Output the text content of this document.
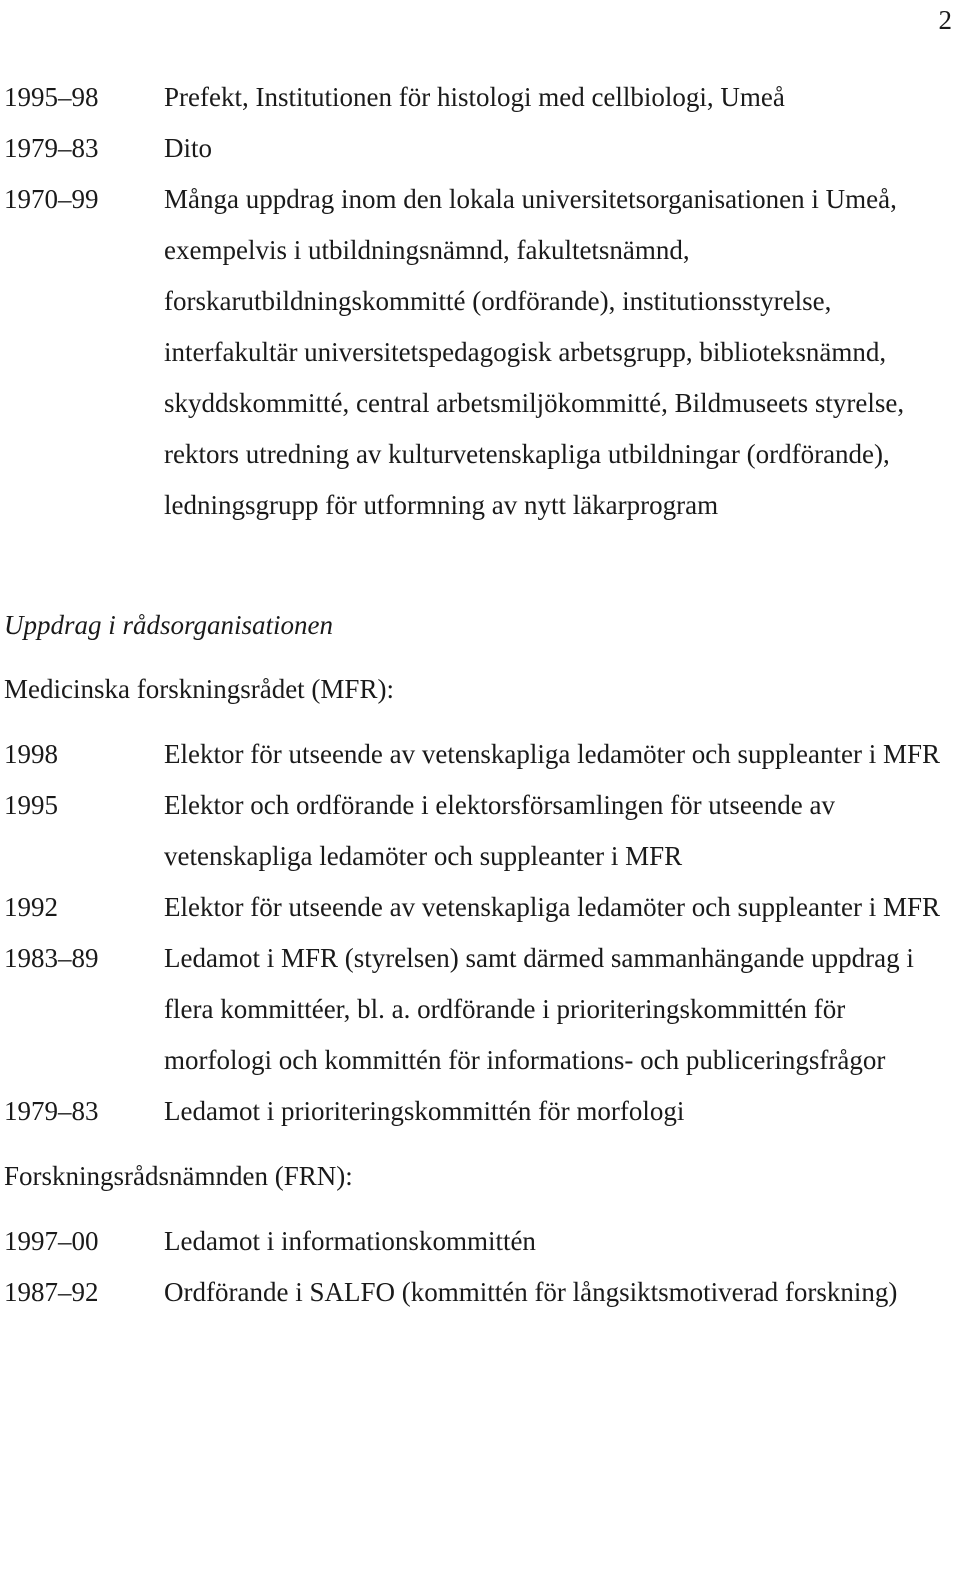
2
1995–98	Prefekt, Institutionen för histologi med cellbiologi, Umeå
1979–83	Dito
1970–99	Många uppdrag inom den lokala universitetsorganisationen i Umeå, exempelvis i utbildningsnämnd, fakultetsnämnd, forskarutbildningskommitté (ordförande), institutionsstyrelse, interfakultär universitetspedagogisk arbetsgrupp, biblioteksnämnd, skyddskommitté, central arbetsmiljökommitté, Bildmuseets styrelse, rektors utredning av kulturvetenskapliga utbildningar (ordförande), ledningsgrupp för utformning av nytt läkarprogram
Uppdrag i rådsorganisationen
Medicinska forskningsrådet (MFR):
1998	Elektor för utseende av vetenskapliga ledamöter och suppleanter i MFR
1995	Elektor och ordförande i elektorsförsamlingen för utseende av vetenskapliga ledamöter och suppleanter i MFR
1992	Elektor för utseende av vetenskapliga ledamöter och suppleanter i MFR
1983–89	Ledamot i MFR (styrelsen) samt därmed sammanhängande uppdrag i flera kommittéer, bl. a. ordförande i prioriteringskommittén för morfologi och kommittén för informations- och publiceringsfrågor
1979–83	Ledamot i prioriteringskommittén för morfologi
Forskningsrådsnämnden (FRN):
1997–00	Ledamot i informationskommittén
1987–92	Ordförande i SALFO (kommittén för långsiktsmotiverad forskning)
